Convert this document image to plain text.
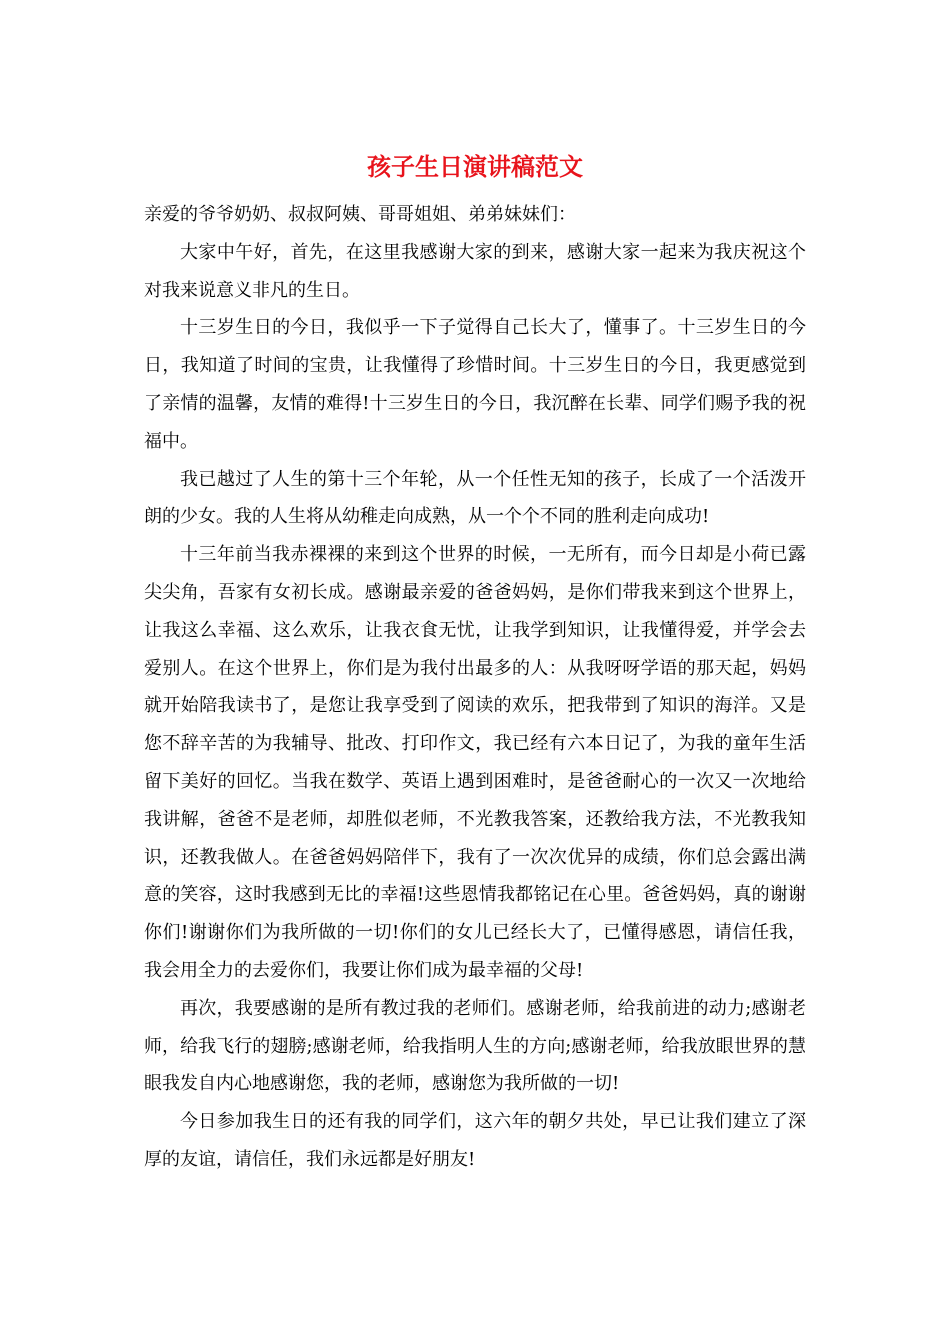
孩子生日演讲稿范文

亲爱的爷爷奶奶、叔叔阿姨、哥哥姐姐、弟弟妹妹们：

大家中午好，首先，在这里我感谢大家的到来，感谢大家一起来为我庆祝这个对我来说意义非凡的生日。

十三岁生日的今日，我似乎一下子觉得自己长大了，懂事了。十三岁生日的今日，我知道了时间的宝贵，让我懂得了珍惜时间。十三岁生日的今日，我更感觉到了亲情的温馨，友情的难得!十三岁生日的今日，我沉醉在长辈、同学们赐予我的祝福中。

我已越过了人生的第十三个年轮，从一个任性无知的孩子，长成了一个活泼开朗的少女。我的人生将从幼稚走向成熟，从一个个不同的胜利走向成功!

十三年前当我赤裸裸的来到这个世界的时候，一无所有，而今日却是小荷已露尖尖角，吾家有女初长成。感谢最亲爱的爸爸妈妈，是你们带我来到这个世界上，让我这么幸福、这么欢乐，让我衣食无忧，让我学到知识，让我懂得爱，并学会去爱别人。在这个世界上，你们是为我付出最多的人：从我呀呀学语的那天起，妈妈就开始陪我读书了，是您让我享受到了阅读的欢乐，把我带到了知识的海洋。又是您不辞辛苦的为我辅导、批改、打印作文，我已经有六本日记了，为我的童年生活留下美好的回忆。当我在数学、英语上遇到困难时，是爸爸耐心的一次又一次地给我讲解，爸爸不是老师，却胜似老师，不光教我答案，还教给我方法，不光教我知识，还教我做人。在爸爸妈妈陪伴下，我有了一次次优异的成绩，你们总会露出满意的笑容，这时我感到无比的幸福!这些恩情我都铭记在心里。爸爸妈妈，真的谢谢你们!谢谢你们为我所做的一切!你们的女儿已经长大了，已懂得感恩，请信任我，我会用全力的去爱你们，我要让你们成为最幸福的父母!

再次，我要感谢的是所有教过我的老师们。感谢老师，给我前进的动力;感谢老师，给我飞行的翅膀;感谢老师，给我指明人生的方向;感谢老师，给我放眼世界的慧眼我发自内心地感谢您，我的老师，感谢您为我所做的一切!

今日参加我生日的还有我的同学们，这六年的朝夕共处，早已让我们建立了深厚的友谊，请信任，我们永远都是好朋友!
